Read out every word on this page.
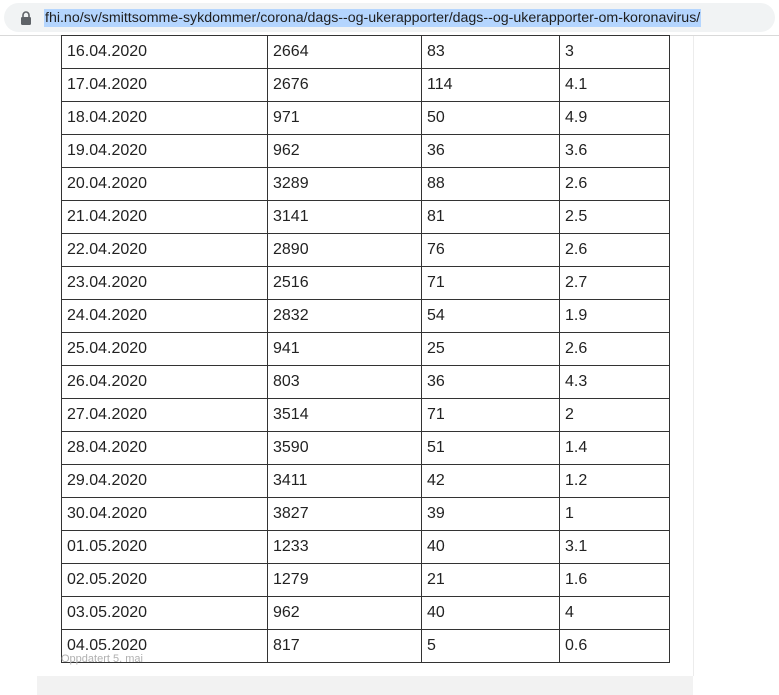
fhi.no/sv/smittsomme-sykdommer/corona/dags--og-ukerapporter/dags--og-ukerapporter-om-koronavirus/
16.04.2020	2664	83	3
17.04.2020	2676	114	4.1
18.04.2020	971	50	4.9
19.04.2020	962	36	3.6
20.04.2020	3289	88	2.6
21.04.2020	3141	81	2.5
22.04.2020	2890	76	2.6
23.04.2020	2516	71	2.7
24.04.2020	2832	54	1.9
25.04.2020	941	25	2.6
26.04.2020	803	36	4.3
27.04.2020	3514	71	2
28.04.2020	3590	51	1.4
29.04.2020	3411	42	1.2
30.04.2020	3827	39	1
01.05.2020	1233	40	3.1
02.05.2020	1279	21	1.6
03.05.2020	962	40	4
04.05.2020	817	5	0.6
Oppdatert 5. mai
